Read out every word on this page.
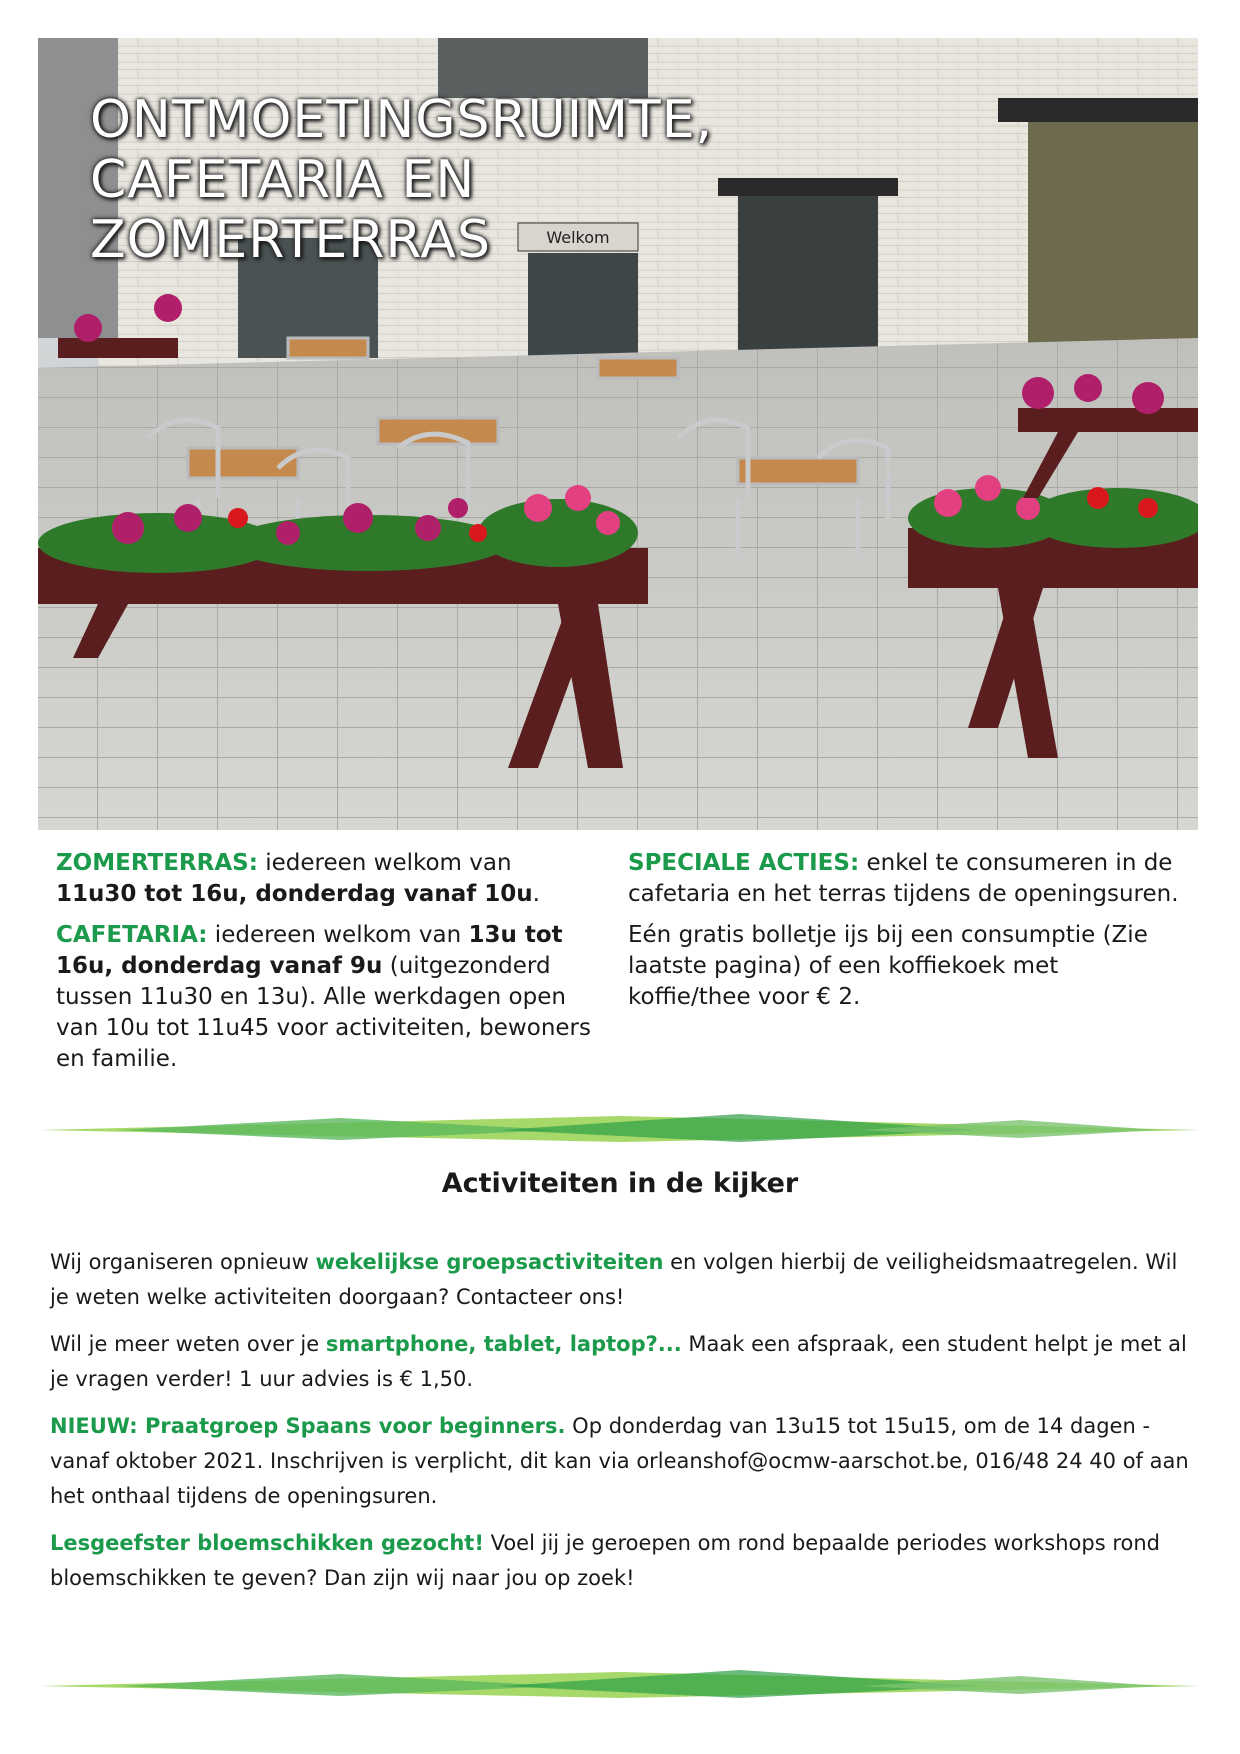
Welkom
ONTMOETINGSRUIMTE,
CAFETARIA EN
ZOMERTERRAS

ZOMERTERRAS: iedereen welkom van 11u30 tot 16u, donderdag vanaf 10u.

CAFETARIA: iedereen welkom van 13u tot 16u, donderdag vanaf 9u (uitgezonderd tussen 11u30 en 13u). Alle werkdagen open van 10u tot 11u45 voor activiteiten, bewoners en familie.

SPECIALE ACTIES: enkel te consumeren in de cafetaria en het terras tijdens de openingsuren.

Eén gratis bolletje ijs bij een consumptie (Zie laatste pagina) of een koffiekoek met koffie/thee voor € 2.

Activiteiten in de kijker

Wij organiseren opnieuw wekelijkse groepsactiviteiten en volgen hierbij de veiligheidsmaatregelen. Wil je weten welke activiteiten doorgaan? Contacteer ons!

Wil je meer weten over je smartphone, tablet, laptop?... Maak een afspraak, een student helpt je met al je vragen verder! 1 uur advies is € 1,50.

NIEUW: Praatgroep Spaans voor beginners. Op donderdag van 13u15 tot 15u15, om de 14 dagen - vanaf oktober 2021. Inschrijven is verplicht, dit kan via orleanshof@ocmw-aarschot.be, 016/48 24 40 of aan het onthaal tijdens de openingsuren.

Lesgeefster bloemschikken gezocht! Voel jij je geroepen om rond bepaalde periodes workshops rond bloemschikken te geven? Dan zijn wij naar jou op zoek!
